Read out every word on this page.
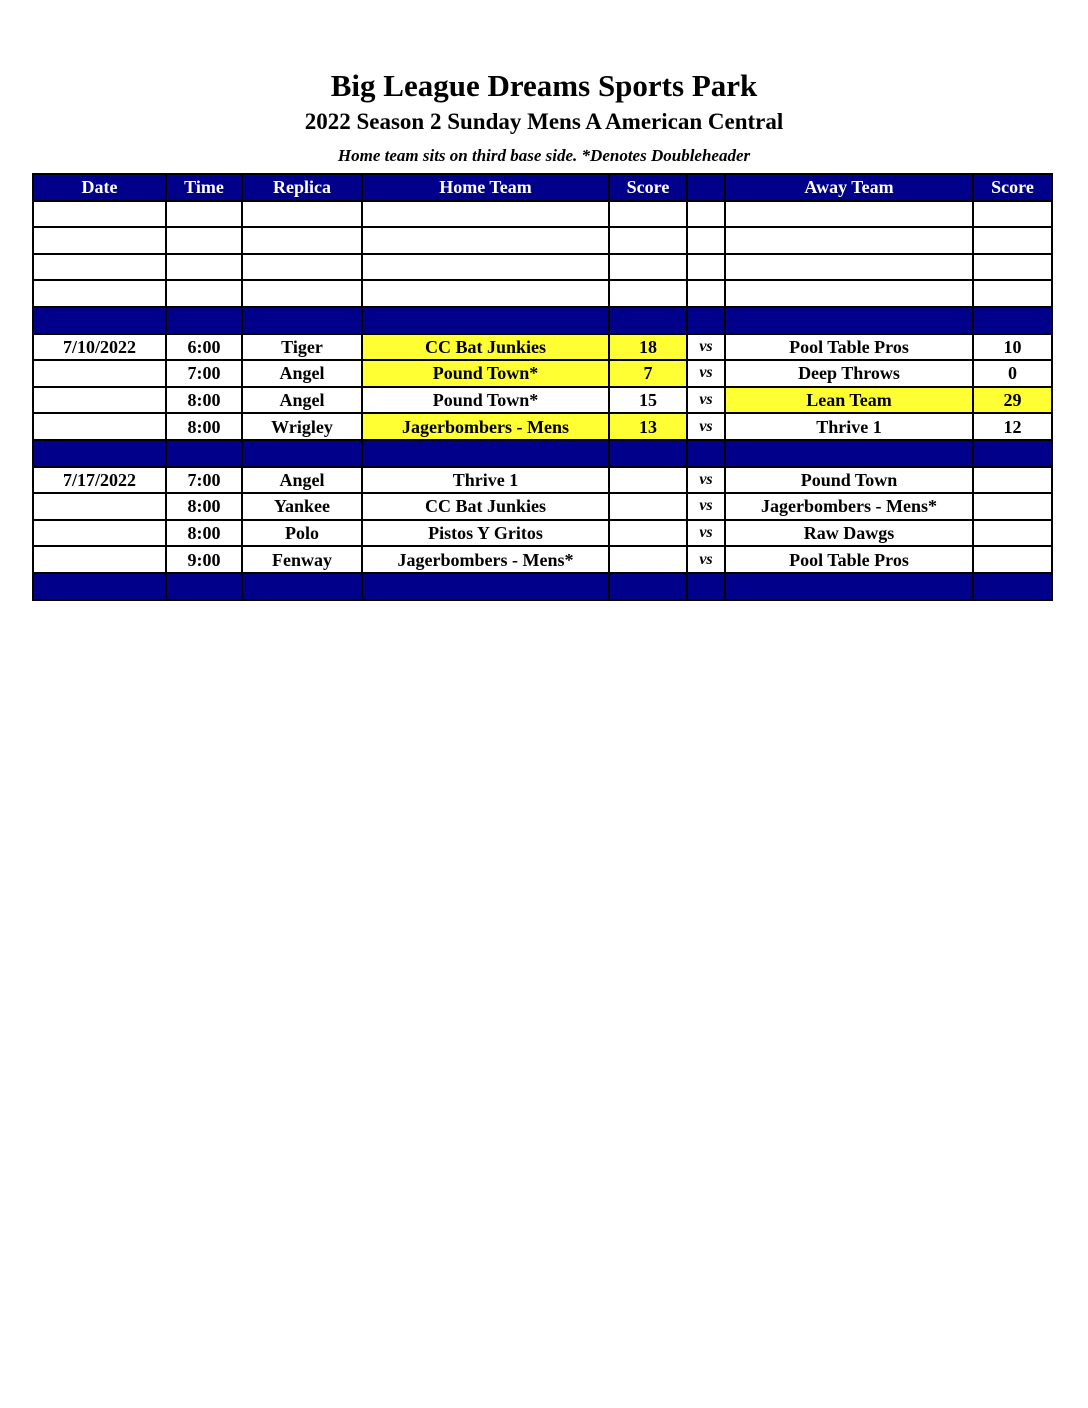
Big League Dreams Sports Park
2022 Season 2 Sunday Mens A American Central
Home team sits on third base side. *Denotes Doubleheader
Date	Time	Replica	Home Team	Score		Away Team	Score

7/10/2022	6:00	Tiger	CC Bat Junkies	18	vs	Pool Table Pros	10
	7:00	Angel	Pound Town*	7	vs	Deep Throws	0
	8:00	Angel	Pound Town*	15	vs	Lean Team	29
	8:00	Wrigley	Jagerbombers - Mens	13	vs	Thrive 1	12

7/17/2022	7:00	Angel	Thrive 1		vs	Pound Town	
	8:00	Yankee	CC Bat Junkies		vs	Jagerbombers - Mens*	
	8:00	Polo	Pistos Y Gritos		vs	Raw Dawgs	
	9:00	Fenway	Jagerbombers - Mens*		vs	Pool Table Pros	
